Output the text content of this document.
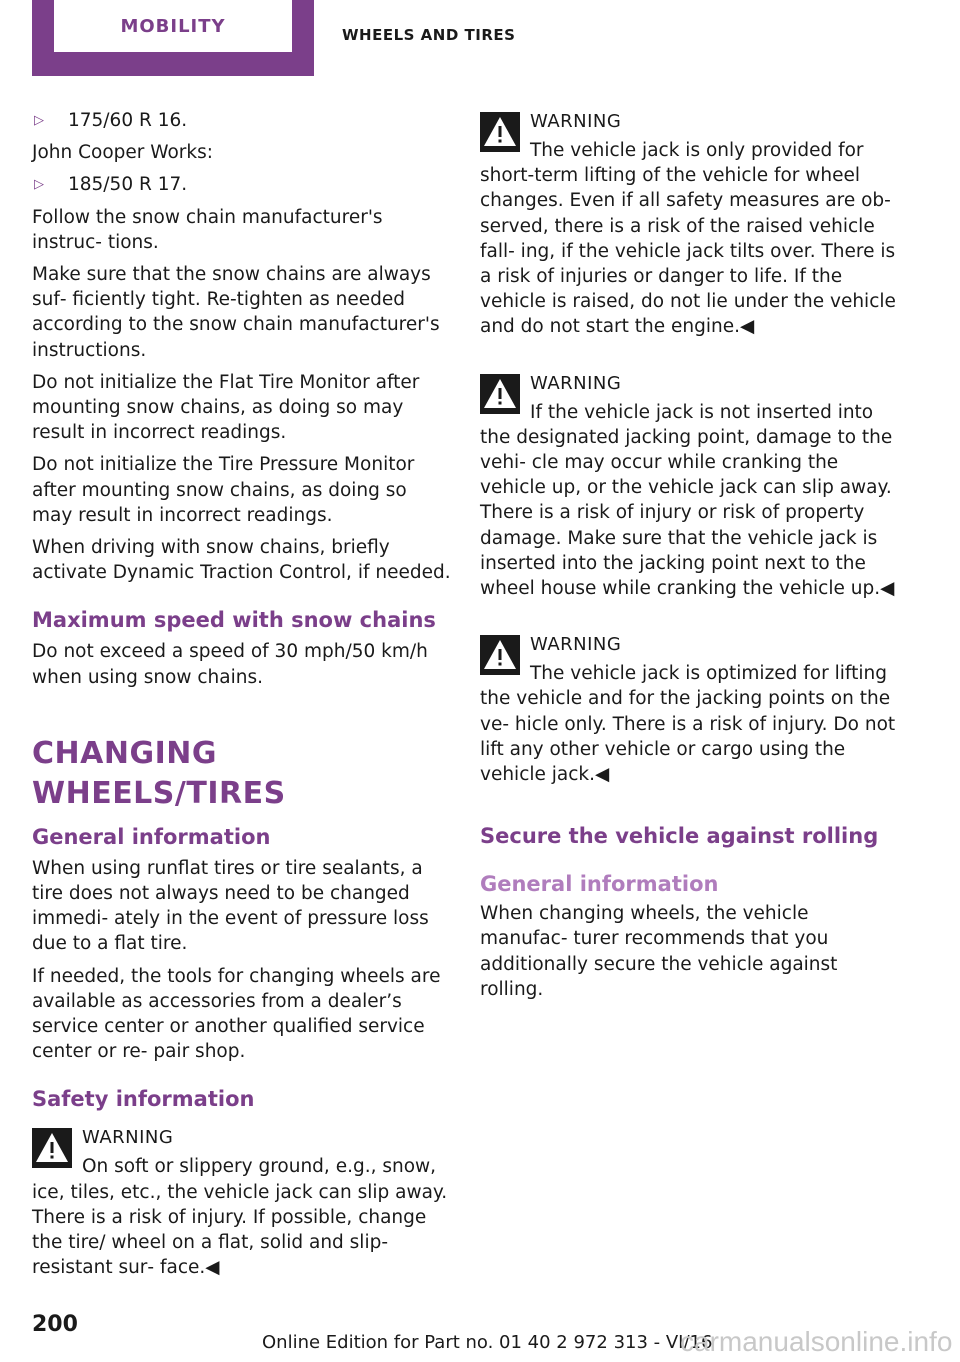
MOBILITY	WHEELS AND TIRES
▷	175/60 R 16.

John Cooper Works:

▷	185/50 R 17.

Follow the snow chain manufacturer's instruc‐ tions.

Make sure that the snow chains are always suf‐ ficiently tight. Re-tighten as needed according to the snow chain manufacturer's instructions.

Do not initialize the Flat Tire Monitor after mounting snow chains, as doing so may result in incorrect readings.

Do not initialize the Tire Pressure Monitor after mounting snow chains, as doing so may result in incorrect readings.

When driving with snow chains, briefly activate Dynamic Traction Control, if needed.

Maximum speed with snow chains

Do not exceed a speed of 30 mph/50 km/h when using snow chains.

CHANGING WHEELS/TIRES
General information

When using runflat tires or tire sealants, a tire does not always need to be changed immedi‐ ately in the event of pressure loss due to a flat tire.

If needed, the tools for changing wheels are available as accessories from a dealer’s service center or another qualified service center or re‐ pair shop.

Safety information
WARNING
On soft or slippery ground, e.g., snow, ice, tiles, etc., the vehicle jack can slip away. There is a risk of injury. If possible, change the tire/ wheel on a flat, solid and slip-resistant sur‐ face.◀
WARNING
The vehicle jack is only provided for short-term lifting of the vehicle for wheel changes. Even if all safety measures are ob‐ served, there is a risk of the raised vehicle fall‐ ing, if the vehicle jack tilts over. There is a risk of injuries or danger to life. If the vehicle is raised, do not lie under the vehicle and do not start the engine.◀
WARNING
If the vehicle jack is not inserted into the designated jacking point, damage to the vehi‐ cle may occur while cranking the vehicle up, or the vehicle jack can slip away. There is a risk of injury or risk of property damage. Make sure that the vehicle jack is inserted into the jacking point next to the wheel house while cranking the vehicle up.◀
WARNING
The vehicle jack is optimized for lifting the vehicle and for the jacking points on the ve‐ hicle only. There is a risk of injury. Do not lift any other vehicle or cargo using the vehicle jack.◀
Secure the vehicle against rolling
General information

When changing wheels, the vehicle manufac‐ turer recommends that you additionally secure the vehicle against rolling.

200
Online Edition for Part no. 01 40 2 972 313 - VI/16
carmanualsonline.info
